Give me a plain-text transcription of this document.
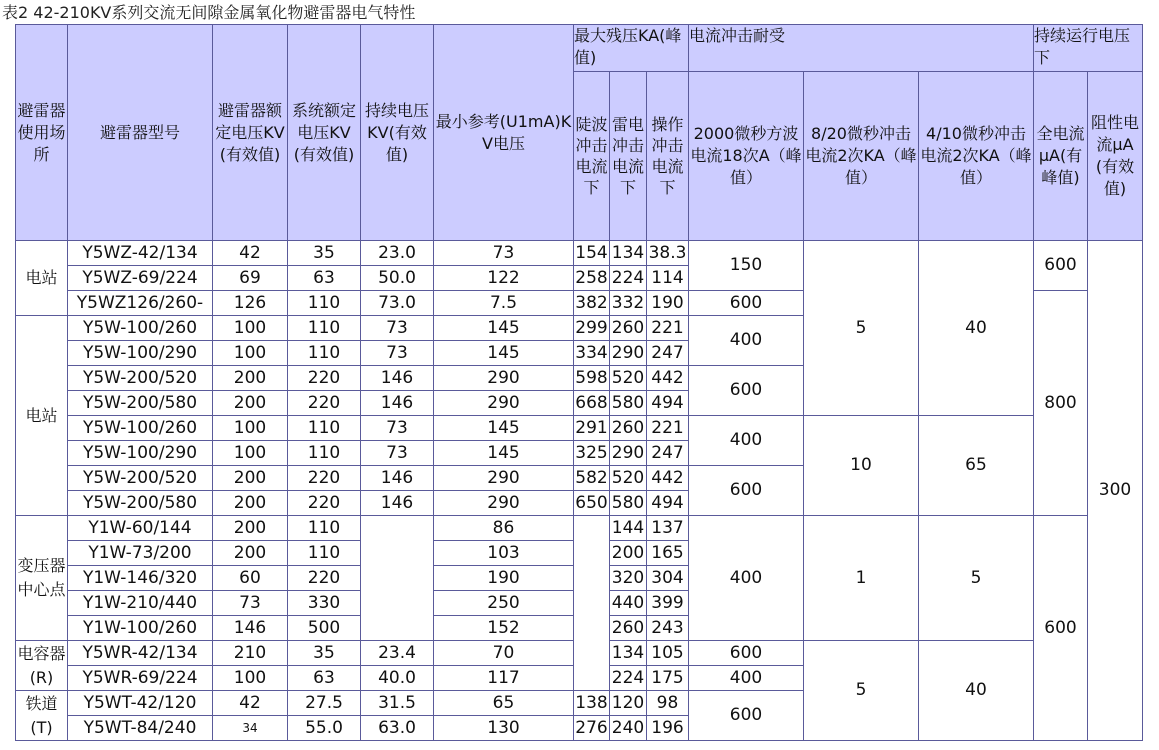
表2 42-210KV系列交流无间隙金属氧化物避雷器电气特性
避雷器使用场所	避雷器型号	避雷器额定电压KV(有效值)	系统额定电压KV(有效值)	持续电压KV(有效值)	最小参考(U1mA)KV电压	最大残压KA(峰值)			电流冲击耐受			持续运行电压下	
						陡波冲击电流下	雷电冲击电流下	操作冲击电流下	2000微秒方波电流18次A（峰值）	8/20微秒冲击电流2次KA（峰值）	4/10微秒冲击电流2次KA（峰值）	全电流μA(有峰值)	阻性电流μA(有效值)
电站	Y5WZ-42/134	42	35	23.0	73	154	134	38.3	150	5	40	600	300
	Y5WZ-69/224	69	63	50.0	122	258	224	114					
	Y5WZ126/260-	126	110	73.0	7.5	382	332	190	600			800	
电站	Y5W-100/260	100	110	73	145	299	260	221	400				
	Y5W-100/290	100	110	73	145	334	290	247					
	Y5W-200/520	200	220	146	290	598	520	442	600				
	Y5W-200/580	200	220	146	290	668	580	494					
	Y5W-100/260	100	110	73	145	291	260	221	400	10	65		
	Y5W-100/290	100	110	73	145	325	290	247					
	Y5W-200/520	200	220	146	290	582	520	442	600				
	Y5W-200/580	200	220	146	290	650	580	494					
变压器中心点	Y1W-60/144	200	110		86		144	137	400	1	5	600	
	Y1W-73/200	200	110		103		200	165					
	Y1W-146/320	60	220		190		320	304					
	Y1W-210/440	73	330		250		440	399					
	Y1W-100/260	146	500		152		260	243					
电容器(R)	Y5WR-42/134	210	35	23.4	70		134	105	600	5	40		
	Y5WR-69/224	100	63	40.0	117		224	175	400				
铁道(T)	Y5WT-42/120	42	27.5	31.5	65	138	120	98	600				
	Y5WT-84/240	34	55.0	63.0	130	276	240	196					
